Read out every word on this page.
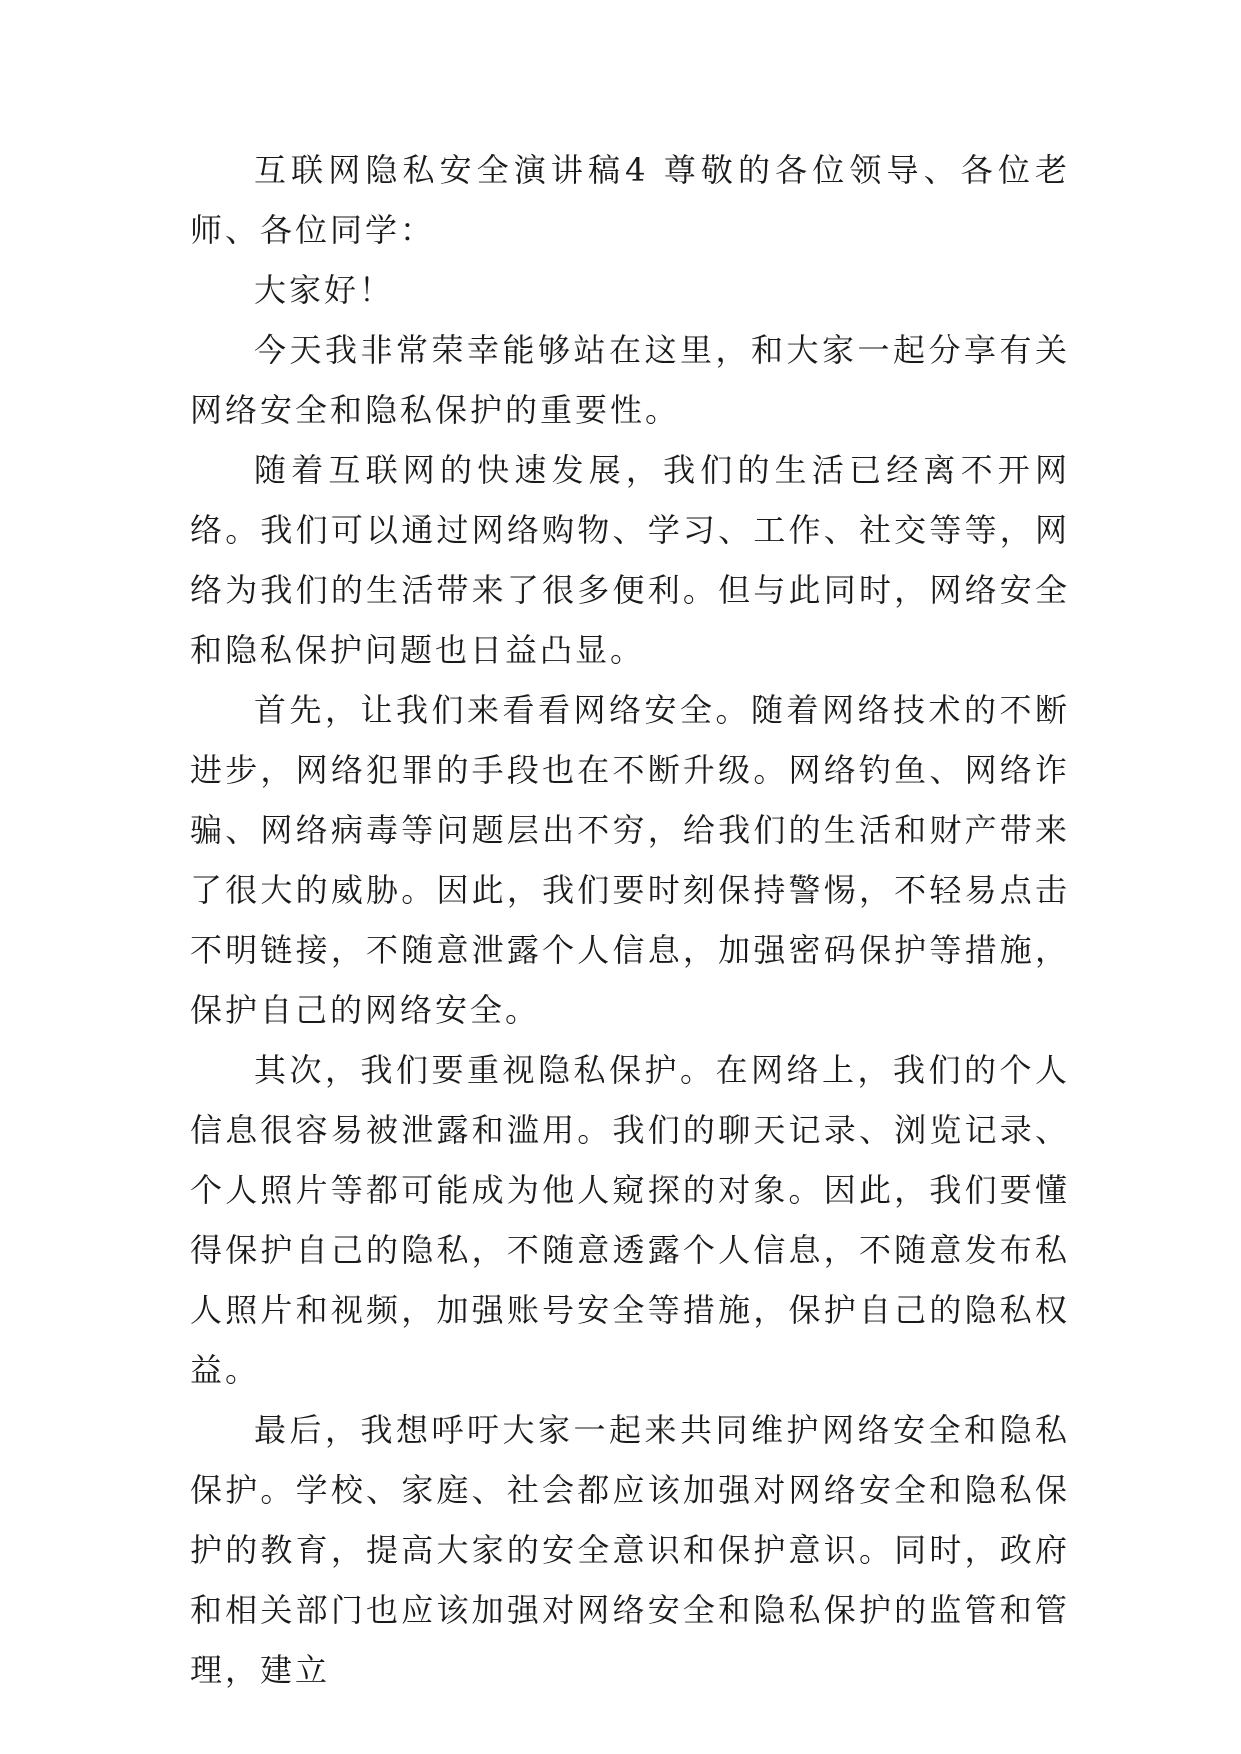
互联网隐私安全演讲稿4 尊敬的各位领导、各位老师、各位同学：

大家好！

今天我非常荣幸能够站在这里，和大家一起分享有关网络安全和隐私保护的重要性。

随着互联网的快速发展，我们的生活已经离不开网络。我们可以通过网络购物、学习、工作、社交等等，网络为我们的生活带来了很多便利。但与此同时，网络安全和隐私保护问题也日益凸显。

首先，让我们来看看网络安全。随着网络技术的不断进步，网络犯罪的手段也在不断升级。网络钓鱼、网络诈骗、网络病毒等问题层出不穷，给我们的生活和财产带来了很大的威胁。因此，我们要时刻保持警惕，不轻易点击不明链接，不随意泄露个人信息，加强密码保护等措施，保护自己的网络安全。

其次，我们要重视隐私保护。在网络上，我们的个人信息很容易被泄露和滥用。我们的聊天记录、浏览记录、个人照片等都可能成为他人窥探的对象。因此，我们要懂得保护自己的隐私，不随意透露个人信息，不随意发布私人照片和视频，加强账号安全等措施，保护自己的隐私权益。

最后，我想呼吁大家一起来共同维护网络安全和隐私保护。学校、家庭、社会都应该加强对网络安全和隐私保护的教育，提高大家的安全意识和保护意识。同时，政府和相关部门也应该加强对网络安全和隐私保护的监管和管理，建立
